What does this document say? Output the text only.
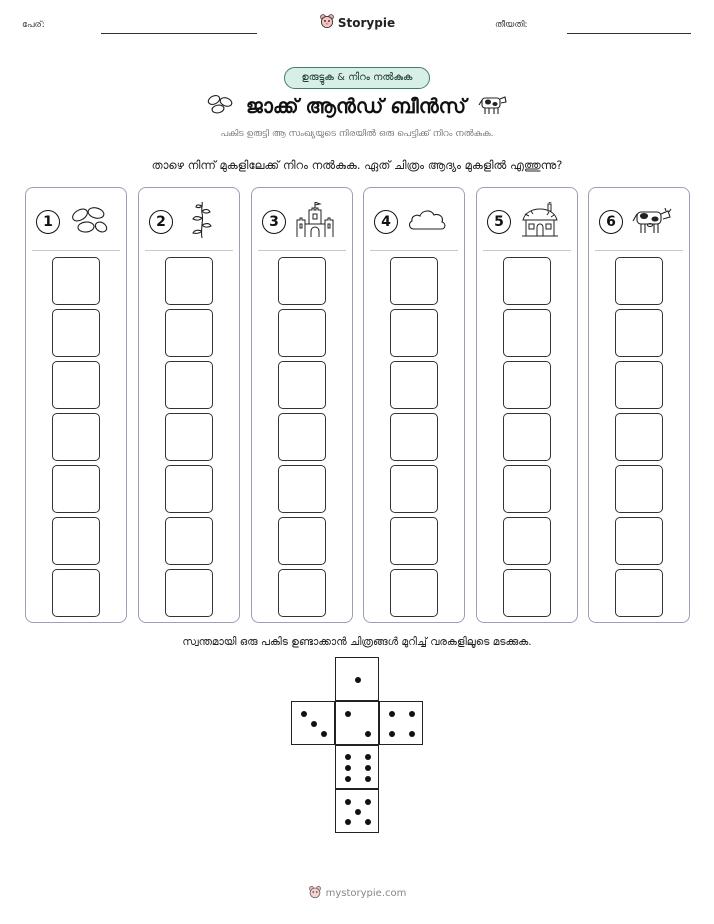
പേര്:	തീയതി:
Storypie
ഉരുട്ടുക & നിറം നൽകുക
ജാക്ക് ആൻഡ് ബീൻസ്
പകിട ഉരുട്ടി ആ സംഖ്യയുടെ നിരയിൽ ഒരു പെട്ടിക്ക് നിറം നൽകുക.
താഴെ നിന്ന് മുകളിലേക്ക് നിറം നൽകുക. ഏത് ചിത്രം ആദ്യം മുകളിൽ എത്തുന്നു?
1	2	3	4	5	6
സ്വന്തമായി ഒരു പകിട ഉണ്ടാക്കാൻ ചിത്രങ്ങൾ മുറിച്ച് വരകളിലൂടെ മടക്കുക.
mystorypie.com
